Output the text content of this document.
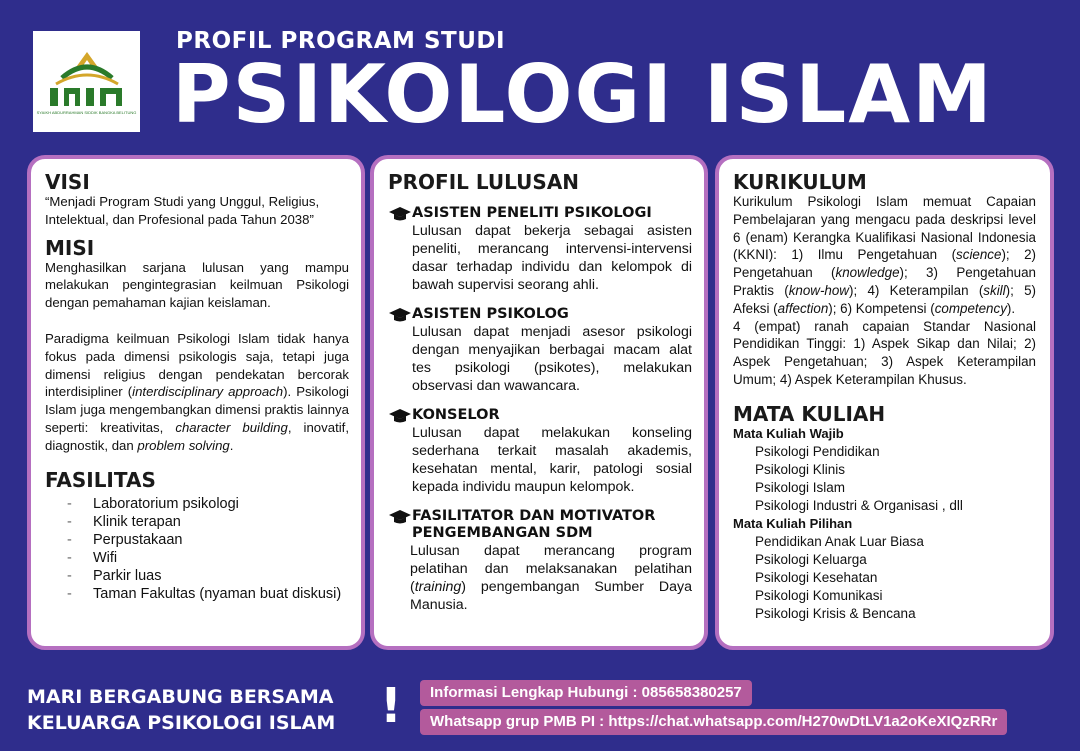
SYAIKH ABDURRAHMAN SIDDIK BANGKA BELITUNG
PROFIL PROGRAM STUDI
PSIKOLOGI ISLAM
VISI

“Menjadi Program Studi yang Unggul, Religius, Intelektual, dan Profesional pada Tahun 2038”

MISI

Menghasilkan sarjana lulusan yang mampu melakukan pengintegrasian keilmuan Psikologi dengan pemahaman kajian keislaman.

Paradigma keilmuan Psikologi Islam tidak hanya fokus pada dimensi psikologis saja, tetapi juga dimensi religius dengan pendekatan bercorak interdisipliner (interdisciplinary approach). Psikologi Islam juga mengembangkan dimensi praktis lainnya seperti: kreativitas, character building, inovatif, diagnostik, dan problem solving.

FASILITAS
-	Laboratorium psikologi
-	Klinik terapan
-	Perpustakaan
-	Wifi
-	Parkir luas
-	Taman Fakultas (nyaman buat diskusi)
PROFIL LULUSAN
ASISTEN PENELITI PSIKOLOGI

Lulusan dapat bekerja sebagai asisten peneliti, merancang intervensi-intervensi dasar terhadap individu dan kelompok di bawah supervisi seorang ahli.

ASISTEN PSIKOLOG

Lulusan dapat menjadi asesor psikologi dengan menyajikan berbagai macam alat tes psikologi (psikotes), melakukan observasi dan wawancara.

KONSELOR

Lulusan dapat melakukan konseling sederhana terkait masalah akademis, kesehatan mental, karir, patologi sosial kepada individu maupun kelompok.

FASILITATOR DAN MOTIVATOR PENGEMBANGAN SDM

Lulusan dapat merancang program pelatihan dan melaksanakan pelatihan (training) pengembangan Sumber Daya Manusia.

KURIKULUM

Kurikulum Psikologi Islam memuat Capaian Pembelajaran yang mengacu pada deskripsi level 6 (enam) Kerangka Kualifikasi Nasional Indonesia (KKNI): 1) Ilmu Pengetahuan (science); 2) Pengetahuan (knowledge); 3) Pengetahuan Praktis (know-how); 4) Keterampilan (skill); 5) Afeksi (affection); 6) Kompetensi (competency).

4 (empat) ranah capaian Standar Nasional Pendidikan Tinggi: 1) Aspek Sikap dan Nilai; 2) Aspek Pengetahuan; 3) Aspek Keterampilan Umum; 4) Aspek Keterampilan Khusus.

MATA KULIAH
Mata Kuliah Wajib
Psikologi Pendidikan
Psikologi Klinis
Psikologi Islam
Psikologi Industri & Organisasi , dll
Mata Kuliah Pilihan
Pendidikan Anak Luar Biasa
Psikologi Keluarga
Psikologi Kesehatan
Psikologi Komunikasi
Psikologi Krisis & Bencana
MARI BERGABUNG BERSAMA
KELUARGA PSIKOLOGI ISLAM !	Informasi Lengkap Hubungi : 085658380257
Whatsapp grup PMB PI : https://chat.whatsapp.com/H270wDtLV1a2oKeXIQzRRr
